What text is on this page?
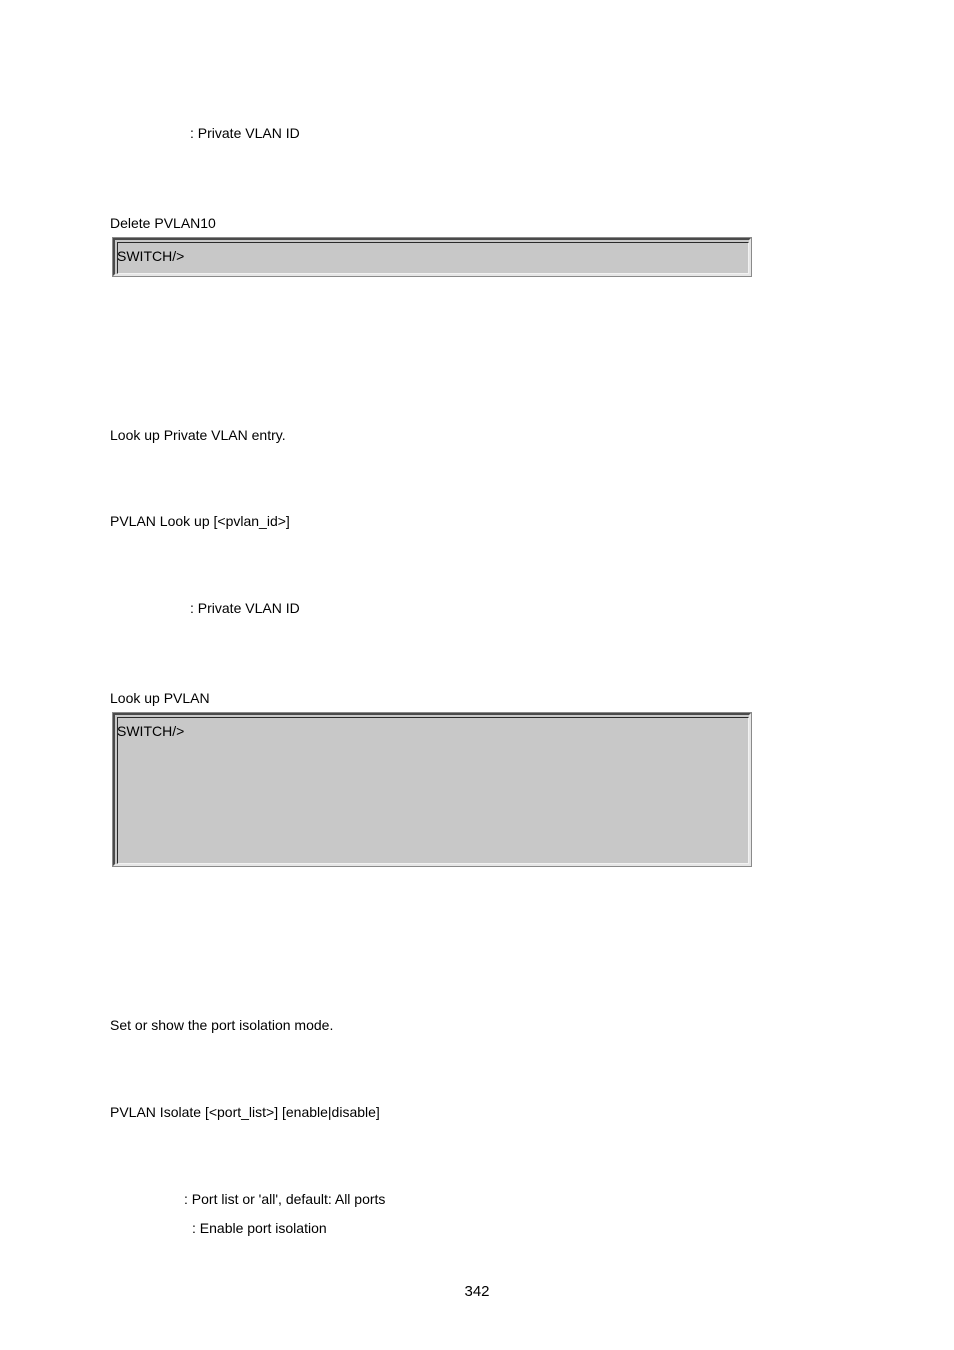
: Private VLAN ID
Delete PVLAN10
SWITCH/>
Look up Private VLAN entry.
PVLAN Look up [<pvlan_id>]
: Private VLAN ID
Look up PVLAN
SWITCH/>
Set or show the port isolation mode.
PVLAN Isolate [<port_list>] [enable|disable]
: Port list or 'all', default: All ports
: Enable port isolation
342
